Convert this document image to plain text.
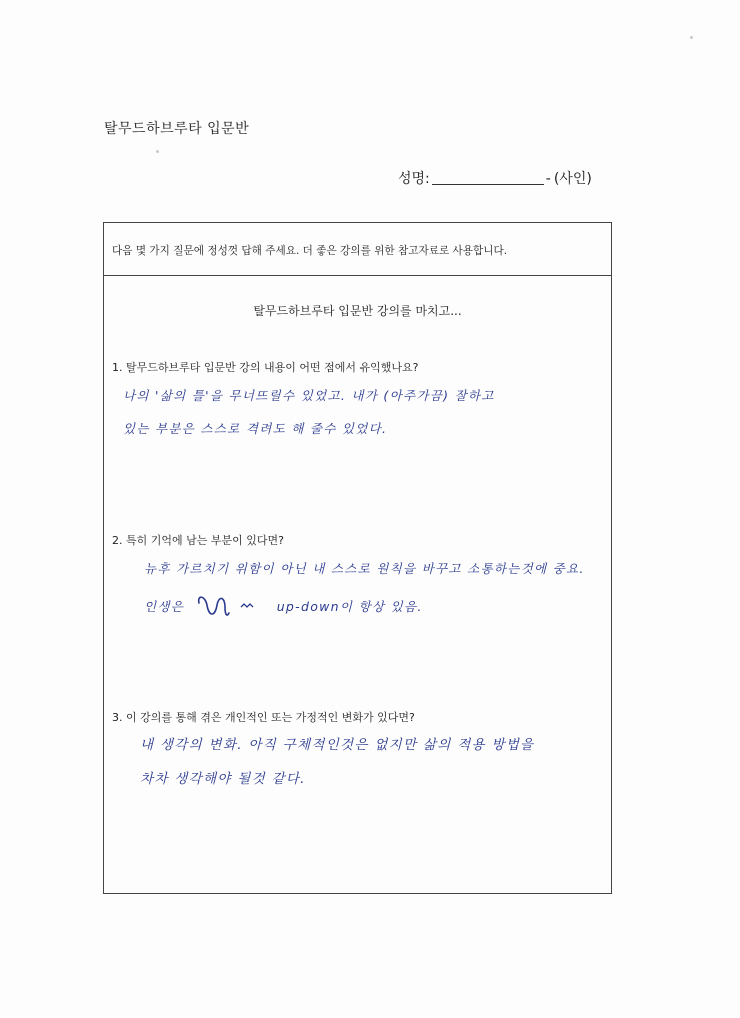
탈무드하브루타 입문반
성명:	- (사인)
다음 몇 가지 질문에 정성껏 답해 주세요. 더 좋은 강의를 위한 참고자료로 사용합니다.
탈무드하브루타 입문반 강의를 마치고...
1. 탈무드하브루타 입문반 강의 내용이 어떤 점에서 유익했나요?
나의 '삶의 틀'을 무너뜨릴수 있었고. 내가 (아주가끔) 잘하고
있는 부분은 스스로 격려도 해 줄수 있었다.
2. 특히 기억에 남는 부분이 있다면?
뉴후 가르치기 위함이 아닌 내 스스로 원칙을 바꾸고 소통하는것에 중요.
인생은	up-down이 항상 있음.
3. 이 강의를 통해 겪은 개인적인 또는 가정적인 변화가 있다면?
내 생각의 변화. 아직 구체적인것은 없지만 삶의 적용 방법을
차차 생각해야 될것 같다.
